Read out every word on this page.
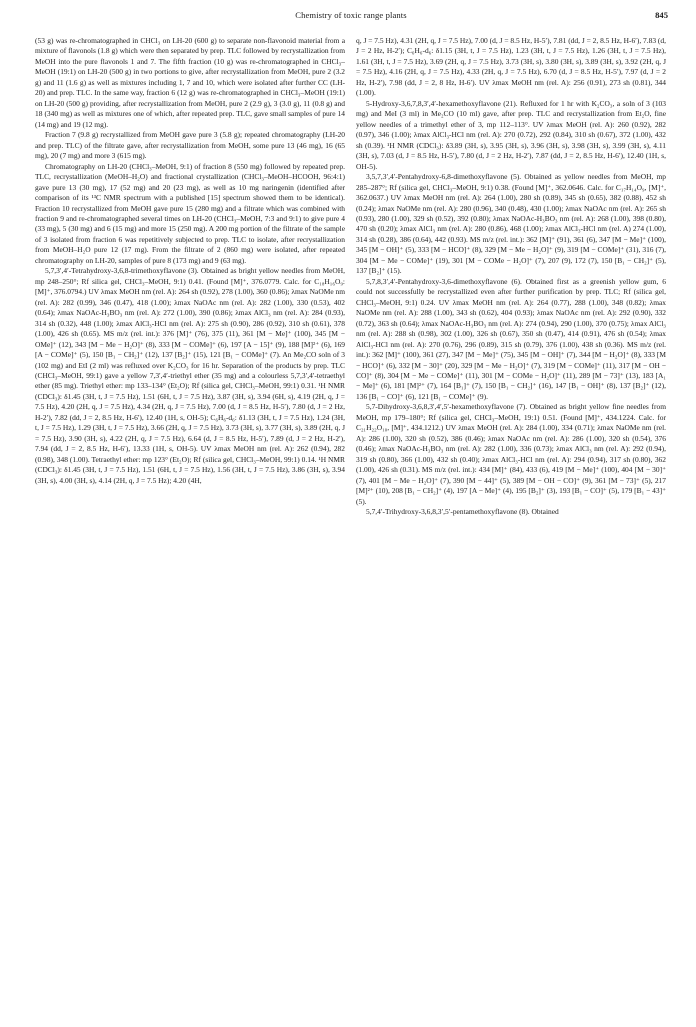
Chemistry of toxic range plants	845

(53 g) was re-chromatographed in CHCl₃ on LH-20 (600 g) to separate non-flavonoid material from a mixture of flavonols (1.8 g) which were then separated by prep. TLC followed by recrystallization from MeOH into the pure flavonols 1 and 7. The fifth fraction (10 g) was re-chromatographed in CHCl₃–MeOH (19:1) on LH-20 (500 g) in two portions to give, after recrystallization from MeOH, pure 2 (3.2 g) and 11 (1.6 g) as well as mixtures including 1, 7 and 10, which were isolated after further CC (LH-20) and prep. TLC. In the same way, fraction 6 (12 g) was re-chromatographed in CHCl₃–MeOH (19:1) on LH-20 (500 g) providing, after recrystallization from MeOH, pure 2 (2.9 g), 3 (3.0 g), 11 (0.8 g) and 18 (340 mg) as well as mixtures one of which, after repeated prep. TLC, gave small samples of pure 14 (14 mg) and 19 (12 mg).

Fraction 7 (9.8 g) recrystallized from MeOH gave pure 3 (5.8 g); repeated chromatography (LH-20 and prep. TLC) of the filtrate gave, after recrystallization from MeOH, some pure 13 (46 mg), 16 (65 mg), 20 (7 mg) and more 3 (615 mg).

Chromatography on LH-20 (CHCl₃–MeOH, 9:1) of fraction 8 (550 mg) followed by repeated prep. TLC, recrystallization (MeOH–H₂O) and fractional crystallization (CHCl₃–MeOH–HCOOH, 96:4:1) gave pure 13 (30 mg), 17 (52 mg) and 20 (23 mg), as well as 10 mg naringenin (identified after comparison of its ¹³C NMR spectrum with a published [15] spectrum showed them to be identical). Fraction 10 recrystallized from MeOH gave pure 15 (280 mg) and a filtrate which was combined with fraction 9 and re-chromatographed several times on LH-20 (CHCl₃–MeOH, 7:3 and 9:1) to give pure 4 (33 mg), 5 (30 mg) and 6 (15 mg) and more 15 (250 mg). A 200 mg portion of the filtrate of the sample of 3 isolated from fraction 6 was repetitively subjected to prep. TLC to isolate, after recrystallization from MeOH–H₂O pure 12 (17 mg). From the filtrate of 2 (860 mg) were isolated, after repeated chromatography on LH-20, samples of pure 8 (173 mg) and 9 (63 mg).

5,7,3′,4′-Tetrahydroxy-3,6,8-trimethoxyflavone (3). Obtained as bright yellow needles from MeOH, mp 248–250°; Rf silica gel, CHCl₃–MeOH, 9:1) 0.41. (Found [M]⁺, 376.0779. Calc. for C₁₈H₁₆O₉: [M]⁺, 376.0794.) UV λmax MeOH nm (rel. A): 264 sh (0.92), 278 (1.00), 360 (0.86); λmax NaOMe nm (rel. A): 282 (0.99), 346 (0.47), 418 (1.00); λmax NaOAc nm (rel. A): 282 (1.00), 330 (0.53), 402 (0.64); λmax NaOAc-H₃BO₃ nm (rel. A): 272 (1.00), 390 (0.86); λmax AlCl₃ nm (rel. A): 284 (0.93), 314 sh (0.32), 448 (1.00); λmax AlCl₃-HCl nm (rel. A): 275 sh (0.90), 286 (0.92), 310 sh (0.61), 378 (1.00), 426 sh (0.65). MS m/z (rel. int.): 376 [M]⁺ (76), 375 (11), 361 [M − Me]⁺ (100), 345 [M − OMe]⁺ (12), 343 [M − Me − H₂O]⁺ (8), 333 [M − COMe]⁺ (6), 197 [A − 15]⁺ (9), 188 [M]²⁺ (6), 169 [A − COMe]⁺ (5), 150 [B₁ − CH₂]⁺ (12), 137 [B₂]⁺ (15), 121 [B₁ − COMe]⁺ (7). An Me₂CO soln of 3 (102 mg) and EtI (2 ml) was refluxed over K₂CO₃ for 16 hr. Separation of the products by prep. TLC (CHCl₃–MeOH, 99:1) gave a yellow 7,3′,4′-triethyl ether (35 mg) and a colourless 5,7,3′,4′-tetraethyl ether (85 mg). Triethyl ether: mp 133–134° (Et₂O); Rf (silica gel, CHCl₃–MeOH, 99:1) 0.31. ¹H NMR (CDCl₃): δ1.45 (3H, t, J = 7.5 Hz), 1.51 (6H, t, J = 7.5 Hz), 3.87 (3H, s), 3.94 (6H, s), 4.19 (2H, q, J = 7.5 Hz), 4.20 (2H, q, J = 7.5 Hz), 4.34 (2H, q, J = 7.5 Hz), 7.00 (d, J = 8.5 Hz, H-5′), 7.80 (d, J = 2 Hz, H-2′), 7.82 (dd, J = 2, 8.5 Hz, H-6′), 12.40 (1H, s, OH-5); C₆H₆-d₆: δ1.13 (3H, t, J = 7.5 Hz), 1.24 (3H, t, J = 7.5 Hz), 1.29 (3H, t, J = 7.5 Hz), 3.66 (2H, q, J = 7.5 Hz), 3.73 (3H, s), 3.77 (3H, s), 3.89 (2H, q, J = 7.5 Hz), 3.90 (3H, s), 4.22 (2H, q, J = 7.5 Hz), 6.64 (d, J = 8.5 Hz, H-5′), 7.89 (d, J = 2 Hz, H-2′), 7.94 (dd, J = 2, 8.5 Hz, H-6′), 13.33 (1H, s, OH-5). UV λmax MeOH nm (rel. A): 262 (0.94), 282 (0.98), 348 (1.00). Tetraethyl ether: mp 123° (Et₂O); Rf (silica gel, CHCl₃–MeOH, 99:1) 0.14. ¹H NMR (CDCl₃): δ1.45 (3H, t, J = 7.5 Hz), 1.51 (6H, t, J = 7.5 Hz), 1.56 (3H, t, J = 7.5 Hz), 3.86 (3H, s), 3.94 (3H, s), 4.00 (3H, s), 4.14 (2H, q, J = 7.5 Hz); 4.20 (4H,

q, J = 7.5 Hz), 4.31 (2H, q, J = 7.5 Hz), 7.00 (d, J = 8.5 Hz, H-5′), 7.81 (dd, J = 2, 8.5 Hz, H-6′), 7.83 (d, J = 2 Hz, H-2′); C₆H₆-d₆: δ1.15 (3H, t, J = 7.5 Hz), 1.23 (3H, t, J = 7.5 Hz), 1.26 (3H, t, J = 7.5 Hz), 1.61 (3H, t, J = 7.5 Hz), 3.69 (2H, q, J = 7.5 Hz), 3.73 (3H, s), 3.80 (3H, s), 3.89 (3H, s), 3.92 (2H, q, J = 7.5 Hz), 4.16 (2H, q, J = 7.5 Hz), 4.33 (2H, q, J = 7.5 Hz), 6.70 (d, J = 8.5 Hz, H-5′), 7.97 (d, J = 2 Hz, H-2′), 7.98 (dd, J = 2, 8 Hz, H-6′). UV λmax MeOH nm (rel. A): 256 (0.91), 273 sh (0.81), 344 (1.00).

5-Hydroxy-3,6,7,8,3′,4′-hexamethoxyflavone (21). Refluxed for 1 hr with K₂CO₃, a soln of 3 (103 mg) and MeI (3 ml) in Me₂CO (10 ml) gave, after prep. TLC and recrystallization from Et₂O, fine yellow needles of a trimethyl ether of 3, mp 112–113°. UV λmax MeOH (rel. A): 260 (0.92), 282 (0.97), 346 (1.00); λmax AlCl₃-HCl nm (rel. A): 270 (0.72), 292 (0.84), 310 sh (0.67), 372 (1.00), 432 sh (0.39). ¹H NMR (CDCl₃): δ3.89 (3H, s), 3.95 (3H, s), 3.96 (3H, s), 3.98 (3H, s), 3.99 (3H, s), 4.11 (3H, s), 7.03 (d, J = 8.5 Hz, H-5′), 7.80 (d, J = 2 Hz, H-2′), 7.87 (dd, J = 2, 8.5 Hz, H-6′), 12.40 (1H, s, OH-5).

3,5,7,3′,4′-Pentahydroxy-6,8-dimethoxyflavone (5). Obtained as yellow needles from MeOH, mp 285–287°; Rf (silica gel, CHCl₃–MeOH, 9:1) 0.38. (Found [M]⁺, 362.0646. Calc. for C₁₇H₁₄O₉, [M]⁺, 362.0637.) UV λmax MeOH nm (rel. A): 264 (1.00), 280 sh (0.89), 345 sh (0.65), 382 (0.88), 452 sh (0.24); λmax NaOMe nm (rel. A): 280 (0.96), 340 (0.48), 430 (1.00); λmax NaOAc nm (rel. A): 265 sh (0.93), 280 (1.00), 329 sh (0.52), 392 (0.80); λmax NaOAc-H₃BO₃ nm (rel. A): 268 (1.00), 398 (0.80), 470 sh (0.20); λmax AlCl₃ nm (rel. A): 280 (0.86), 468 (1.00); λmax AlCl₃-HCl nm (rel. A) 274 (1.00), 314 sh (0.28), 386 (0.64), 442 (0.93). MS m/z (rel. int.): 362 [M]⁺ (91), 361 (6), 347 [M − Me]⁺ (100), 345 [M − OH]⁺ (5), 333 [M − HCO]⁺ (8), 329 [M − Me − H₂O]⁺ (9), 319 [M − COMe]⁺ (31), 316 (7), 304 [M − Me − COMe]⁺ (19), 301 [M − COMe − H₂O]⁺ (7), 207 (9), 172 (7), 150 [B₁ − CH₂]⁺ (5), 137 [B₂]⁺ (15).

5,7,8,3′,4′-Pentahydroxy-3,6-dimethoxyflavone (6). Obtained first as a greenish yellow gum, 6 could not successfully be recrystallized even after further purification by prep. TLC; Rf (silica gel, CHCl₃–MeOH, 9:1) 0.24. UV λmax MeOH nm (rel. A): 264 (0.77), 288 (1.00), 348 (0.82); λmax NaOMe nm (rel. A): 288 (1.00), 343 sh (0.62), 404 (0.93); λmax NaOAc nm (rel. A): 292 (0.90), 332 (0.72), 363 sh (0.64); λmax NaOAc-H₃BO₃ nm (rel. A): 274 (0.94), 290 (1.00), 370 (0.75); λmax AlCl₃ nm (rel. A): 288 sh (0.98), 302 (1.00), 326 sh (0.67), 350 sh (0.47), 414 (0.91), 476 sh (0.54); λmax AlCl₃-HCl nm (rel. A): 270 (0.76), 296 (0.89), 315 sh (0.79), 376 (1.00), 438 sh (0.36). MS m/z (rel. int.): 362 [M]⁺ (100), 361 (27), 347 [M − Me]⁺ (75), 345 [M − OH]⁺ (7), 344 [M − H₂O]⁺ (8), 333 [M − HCO]⁺ (6), 332 [M − 30]⁺ (20), 329 [M − Me − H₂O]⁺ (7), 319 [M − COMe]⁺ (11), 317 [M − OH − CO]⁺ (8), 304 [M − Me − COMe]⁺ (11), 301 [M − COMe − H₂O]⁺ (11), 289 [M − 73]⁺ (13), 183 [A₁ − Me]⁺ (6), 181 [M]²⁺ (7), 164 [B₁]⁺ (7), 150 [B₁ − CH₂]⁺ (16), 147 [B₁ − OH]⁺ (8), 137 [B₂]⁺ (12), 136 [B₁ − CO]⁺ (6), 121 [B₁ − COMe]⁺ (9).

5,7-Dihydroxy-3,6,8,3′,4′,5′-hexamethoxyflavone (7). Obtained as bright yellow fine needles from MeOH, mp 179–180°; Rf (silica gel, CHCl₃–MeOH, 19:1) 0.51. (Found [M]⁺, 434.1224. Calc. for C₂₁H₂₂O₁₀, [M]⁺, 434.1212.) UV λmax MeOH (rel. A): 284 (1.00), 334 (0.71); λmax NaOMe nm (rel. A): 286 (1.00), 320 sh (0.52), 386 (0.46); λmax NaOAc nm (rel. A): 286 (1.00), 320 sh (0.54), 376 (0.46); λmax NaOAc-H₃BO₃ nm (rel. A): 282 (1.00), 336 (0.73); λmax AlCl₃ nm (rel. A): 292 (0.94), 319 sh (0.80), 366 (1.00), 432 sh (0.40); λmax AlCl₃-HCl nm (rel. A): 294 (0.94), 317 sh (0.80), 362 (1.00), 426 sh (0.31). MS m/z (rel. int.): 434 [M]⁺ (84), 433 (6), 419 [M − Me]⁺ (100), 404 [M − 30]⁺ (7), 401 [M − Me − H₂O]⁺ (7), 390 [M − 44]⁺ (5), 389 [M − OH − CO]⁺ (9), 361 [M − 73]⁺ (5), 217 [M]²⁺ (10), 208 [B₁ − CH₂]⁺ (4), 197 [A − Me]⁺ (4), 195 [B₂]⁺ (3), 193 [B₁ − CO]⁺ (5), 179 [B₁ − 43]⁺ (5).

5,7,4′-Trihydroxy-3,6,8,3′,5′-pentamethoxyflavone (8). Obtained
